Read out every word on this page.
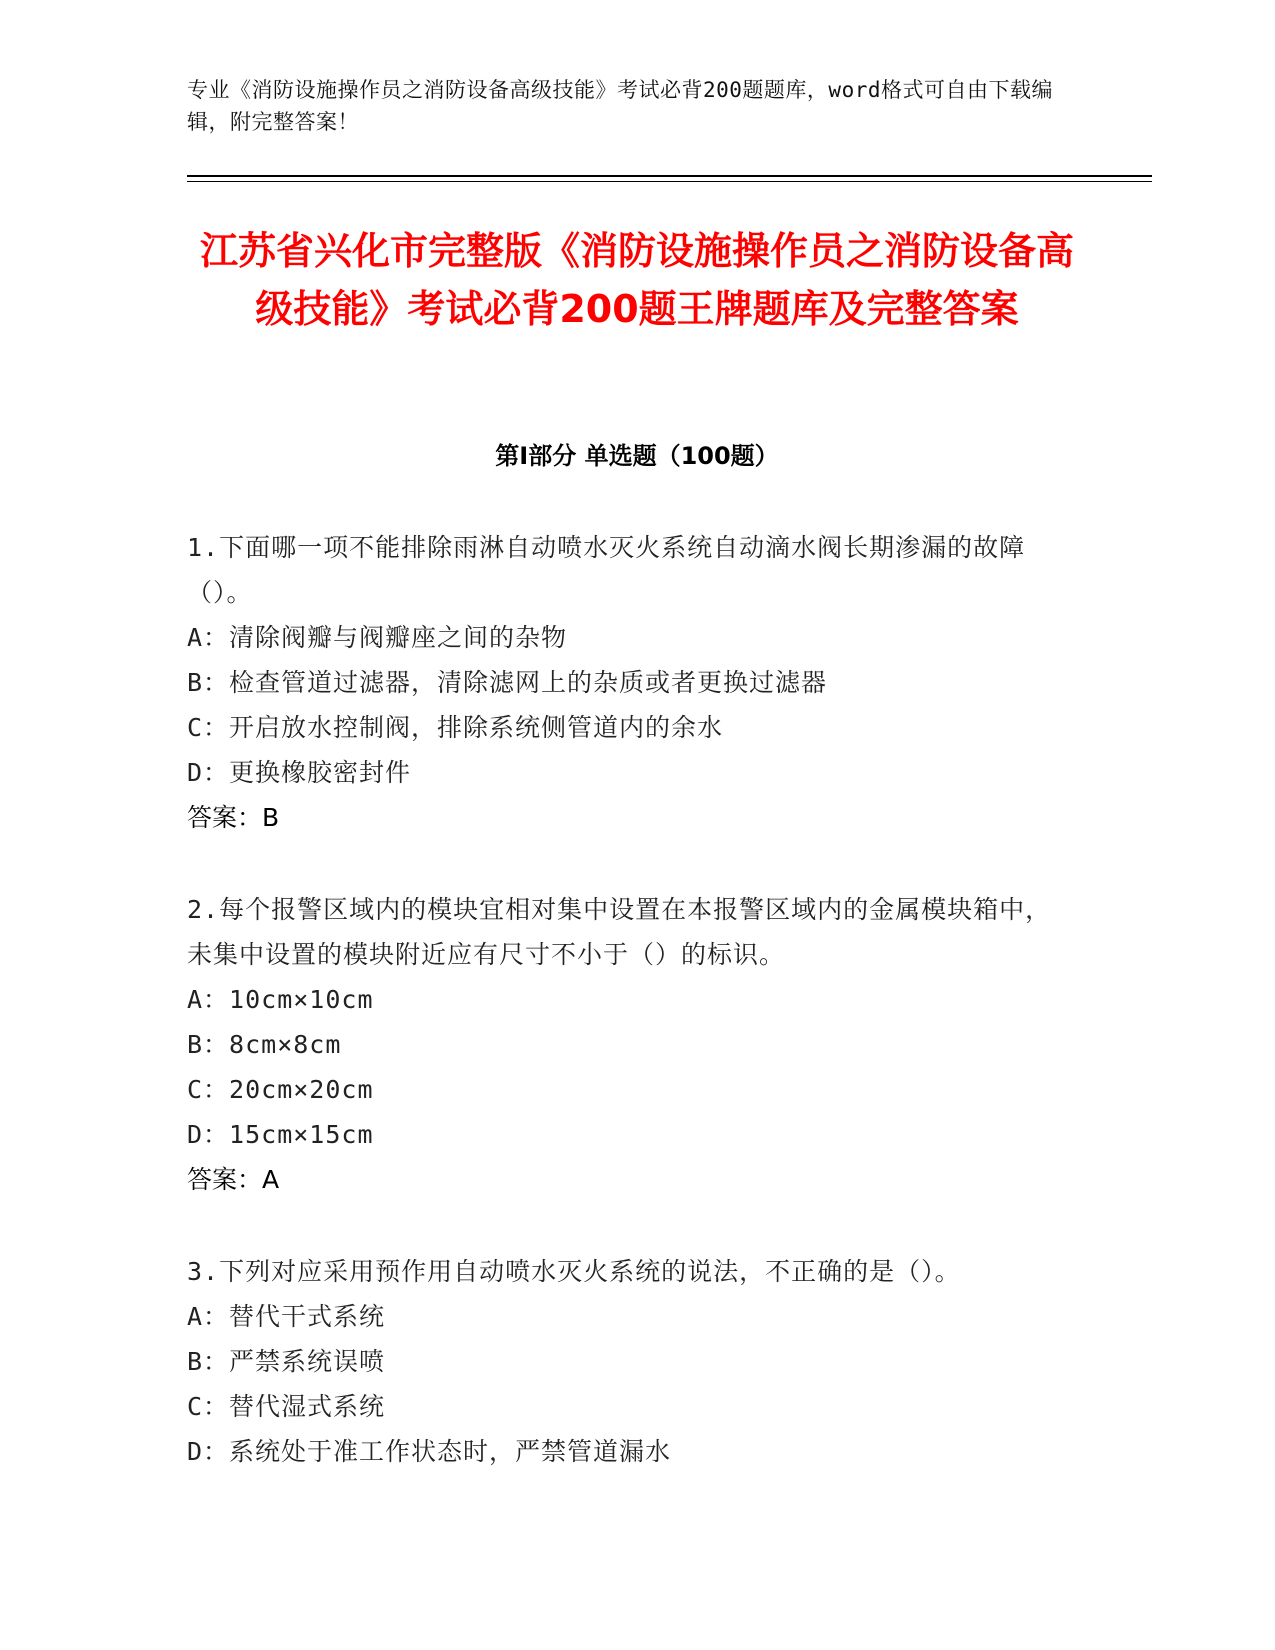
专业《消防设施操作员之消防设备高级技能》考试必背200题题库，word格式可自由下载编辑，附完整答案！
江苏省兴化市完整版《消防设施操作员之消防设备高级技能》考试必背200题王牌题库及完整答案
第I部分 单选题（100题）
1.下面哪一项不能排除雨淋自动喷水灭火系统自动滴水阀长期渗漏的故障（）。
A：清除阀瓣与阀瓣座之间的杂物
B：检查管道过滤器，清除滤网上的杂质或者更换过滤器
C：开启放水控制阀，排除系统侧管道内的余水
D：更换橡胶密封件
答案：B
2.每个报警区域内的模块宜相对集中设置在本报警区域内的金属模块箱中，未集中设置的模块附近应有尺寸不小于（）的标识。
A：10cm×10cm
B：8cm×8cm
C：20cm×20cm
D：15cm×15cm
答案：A
3.下列对应采用预作用自动喷水灭火系统的说法，不正确的是（）。
A：替代干式系统
B：严禁系统误喷
C：替代湿式系统
D：系统处于准工作状态时，严禁管道漏水
